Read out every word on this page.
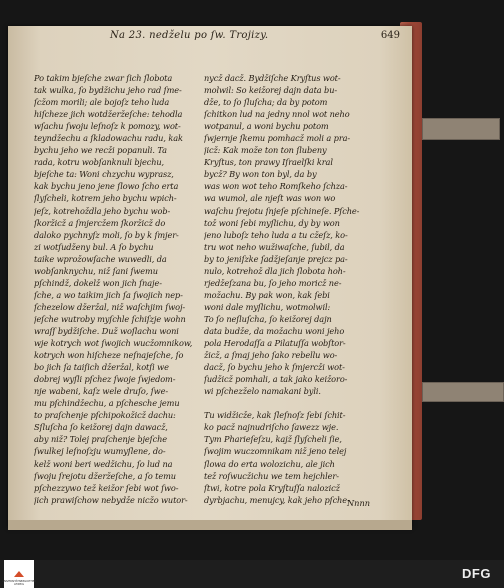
Na 23. nedželu po ſw. Trojizy.	649
Po takim bjeſche zwar ſich ſlobota
tak wulka, ſo bydžichu jeho rad ſme-
ſcžom morili; ale bojoſz teho luda
hiſcheze jich wotdžeržeſche: tehodla
wſachu ſwoju leſnoſz k pomozy, wot-
teyndžechu a ſkladowachu radu, kak
bychu jeho we recži popanuli. Ta
rada, kotru wobſanknuli bjechu,
bjeſche ta: Woni chzychu wyprasz,
kak bychu jeno jene ſlowo ſcho erta
ſlyſcheli, kotrem jeho bychu wpich-
jeſz, kotrehoždla jeho bychu wob-
ſkoržicž a ſmjercžem ſkoržicž do
daloko pychnyſz moli, ſo by k ſmjer-
zi wotſudženy bul. A ſo bychu
taike wprožowſache wuwedli, da
wobſanknychu, niž ſani ſwemu
pſchindž, dokelž won jich ſnaje-
ſche, a wo taikim jich ſa ſwojich nep-
ſchezelow džeržal, niž waſchjim ſwoj-
jeſche wutroby myſchle ſchiſzje wohn
wraſſ bydžiſche. Duž woſlachu woni
wje kotrych wot ſwojich wucžomnikow,
kotrych won hiſcheze neſnajeſche, ſo
bo jich ſa taiſich džeržal, kotſi we
dobrej wyſli pſchez ſwoje ſwjedom-
nje wabeni, kaſz wele druſo, ſwe-
mu pſchindžechu, a pſchesche jemu
to praſchenje pſchipokožicž dachu:
Sſluſcha ſo keižorej dajn dawacž,
aby niž? Tolej praſchenje bjeſche
ſwulkej leſnoſzju wumyſlene, do-
kelž woni beri wedžichu, ſo lud na
ſwoju ſrejotu džeržeſche, a ſo temu
pſchezzywo tež keižor ſebi wot ſwo-
jich prawiſchow nebydže nicžo wutor-
nycž dacž. Bydžiſche Kryſtus wot-
molwil: So keižorej dajn data bu-
dže, to ſo ſluſcha; da by potom
ſchitkon lud na jedny nnol wot neho
wotpanul, a woni bychu potom
ſwjernje ſkemu pomhacž moli a pra-
jicž: Kak može ton ton ſlubeny
Kryſtus, ton prawy Iſraelſki kral
bycž? By won ton byl, da by
was won wot teho Romſkeho ſchza-
wa wumol, ale njeſt was won wo
waſchu ſrejotu ſnjeſe pſchineſe. Pſche-
tož woni ſebi myſlichu, dy by won
jeno luboſz teho luda a tu cžeſz, ko-
tru wot neho wužiwaſche, ſubil, da
by to jeniſzke ſadžjeſanje prejcz pa-
nulo, kotrehož dla jich ſlobota hoh-
rjedžeſzana bu, ſo jeho moricž ne-
možachu. By pak won, kak ſebi
woni dale myſlichu, wotmolwil:
To ſo neſluſcha, ſo keižorej dajn
data budže, da možachu woni jeho
pola Herodaſſa a Pilatuſſa wobſtor-
žicž, a ſmaj jeho ſako rebellu wo-
dacž, ſo bychu jeho k ſmjercži wot-
ſudžicž pomhali, a tak jako keižoro-
wi pſchezželo namakani byli.
Tu widžicže, kak ſleſnoſz ſebi ſchit-
ko pacž najnudriſcho ſawezz wje.
Tym Pharieſeſzu, kajž ſlyſcheli ſie,
ſwojim wuczomnikam niž jeno telej
ſlowa do erta wolozichu, ale jich
tež roſwucžichu we tem hejchler-
ſtwi, kotre pola Kryſtuſſa nalozicž
dyrbjachu, menujcy, kak jeho pſche-
Nnnn
UNIVERSITÄTSBIBLIOTHEK LEIPZIG
DFG
